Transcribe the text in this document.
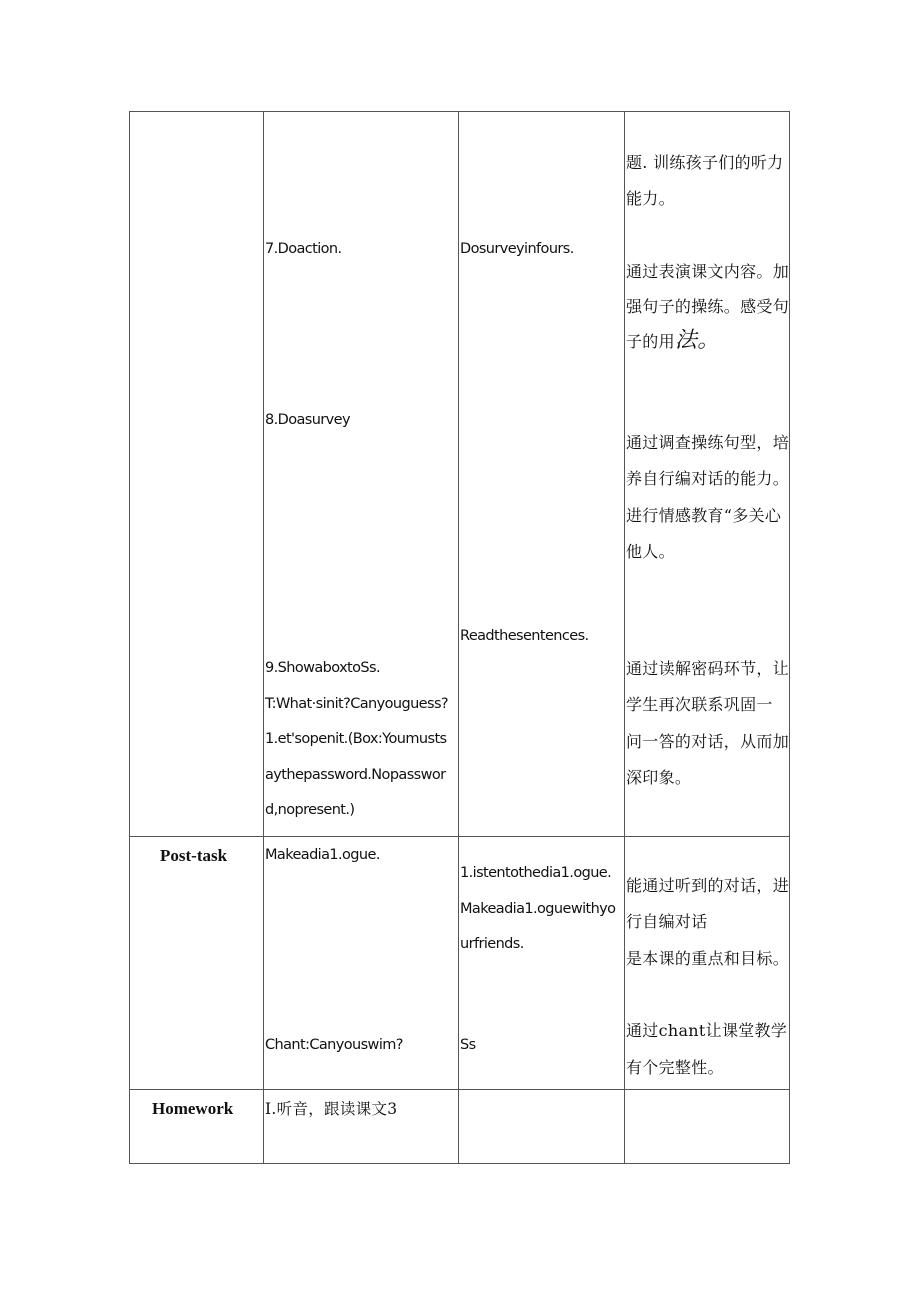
7.Doaction.
8.Doasurvey
9.ShowaboxtoSs.
T:What·sinit?Canyouguess?
1.et'sopenit.(Box:Youmusts
aythepassword.Nopasswor
d,nopresent.)
Dosurveyinfours.
Readthesentences.
题. 训练孩子们的听力
能力。
通过表演课文内容。加
强句子的操练。感受句
子的用法。
通过调查操练句型，培
养自行编对话的能力。
进行情感教育“多关心
他人。
通过读解密码环节，让
学生再次联系巩固一
问一答的对话，从而加
深印象。
Post-task	Makeadia1.ogue.
Chant:Canyouswim?
1.istentothedia1.ogue.
Makeadia1.oguewithyo
urfriends.
Ss
能通过听到的对话，进
行自编对话
是本课的重点和目标。
通过chant让课堂教学
有个完整性。
Homework I.听音，跟读课文3
